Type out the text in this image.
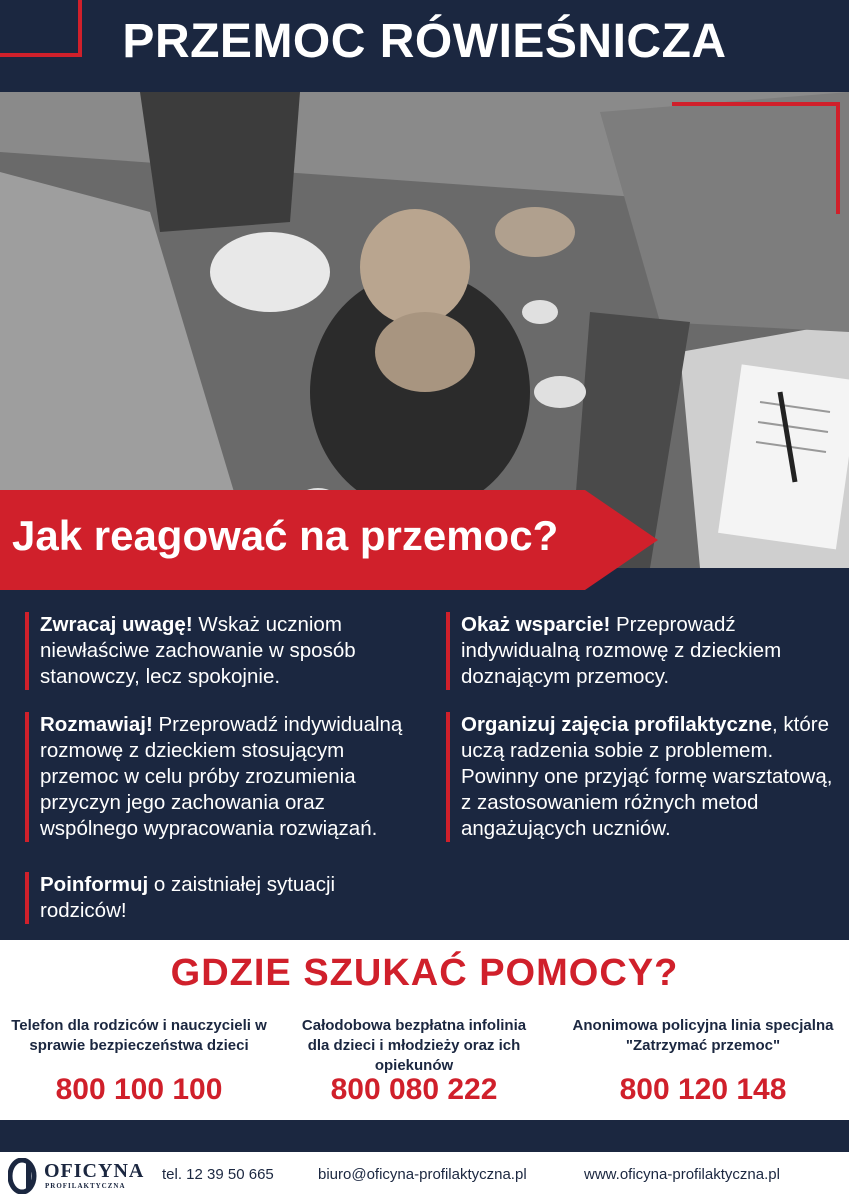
PRZEMOC RÓWIEŚNICZA
Jak reagować na przemoc?
Zwracaj uwagę! Wskaż uczniom niewłaściwe zachowanie w sposób stanowczy, lecz spokojnie.
Rozmawiaj! Przeprowadź indywidualną rozmowę z dzieckiem stosującym przemoc w celu próby zrozumienia przyczyn jego zachowania oraz wspólnego wypracowania rozwiązań.
Poinformuj o zaistniałej sytuacji rodziców!
Okaż wsparcie! Przeprowadź indywidualną rozmowę z dzieckiem doznającym przemocy.
Organizuj zajęcia profilaktyczne, które uczą radzenia sobie z problemem. Powinny one przyjąć formę warsztatową, z zastosowaniem różnych metod angażujących uczniów.
GDZIE SZUKAĆ POMOCY?
Telefon dla rodziców i nauczycieli w sprawie bezpieczeństwa dzieci
800 100 100
Całodobowa bezpłatna infolinia dla dzieci i młodzieży oraz ich opiekunów
800 080 222
Anonimowa policyjna linia specjalna "Zatrzymać przemoc"
800 120 148
OFICYNA
PROFILAKTYCZNA
tel. 12 39 50 665	biuro@oficyna-profilaktyczna.pl	www.oficyna-profilaktyczna.pl
